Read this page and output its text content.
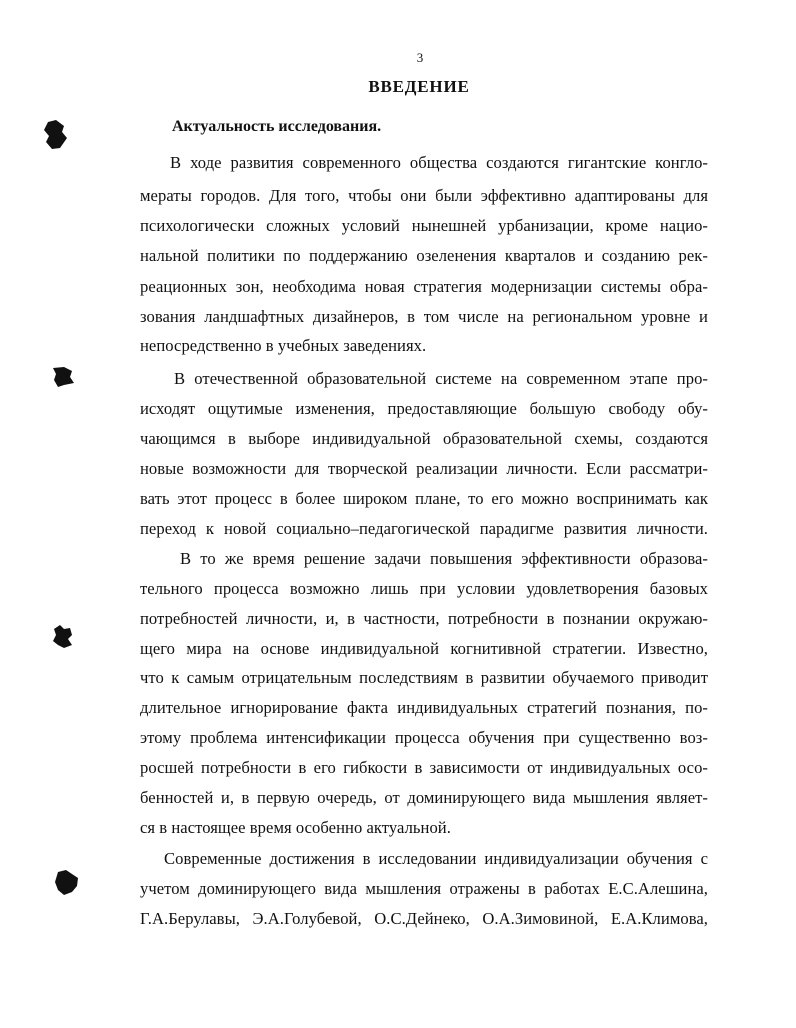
3
ВВЕДЕНИЕ
Актуальность исследования.
В ходе развития современного общества создаются гигантские конгло-
мераты городов. Для того, чтобы они были эффективно адаптированы для
психологически сложных условий нынешней урбанизации, кроме нацио-
нальной политики по поддержанию озеленения кварталов и созданию рек-
реационных зон, необходима новая стратегия модернизации системы обра-
зования ландшафтных дизайнеров, в том числе на региональном уровне и
непосредственно в учебных заведениях.
В отечественной образовательной системе на современном этапе про-
исходят ощутимые изменения, предоставляющие большую свободу обу-
чающимся в выборе индивидуальной образовательной схемы, создаются
новые возможности для творческой реализации личности. Если рассматри-
вать этот процесс в более широком плане, то его можно воспринимать как
переход к новой социально–педагогической парадигме развития личности.
В то же время решение задачи повышения эффективности образова-
тельного процесса возможно лишь при условии удовлетворения базовых
потребностей личности, и, в частности, потребности в познании окружаю-
щего мира на основе индивидуальной когнитивной стратегии. Известно,
что к самым отрицательным последствиям в развитии обучаемого приводит
длительное игнорирование факта индивидуальных стратегий познания, по-
этому проблема интенсификации процесса обучения при существенно воз-
росшей потребности в его гибкости в зависимости от индивидуальных осо-
бенностей и, в первую очередь, от доминирующего вида мышления являет-
ся в настоящее время особенно актуальной.
Современные достижения в исследовании индивидуализации обучения с
учетом доминирующего вида мышления отражены в работах Е.С.Алешина,
Г.А.Берулавы, Э.А.Голубевой, О.С.Дейнеко, О.А.Зимовиной, Е.А.Климова,
